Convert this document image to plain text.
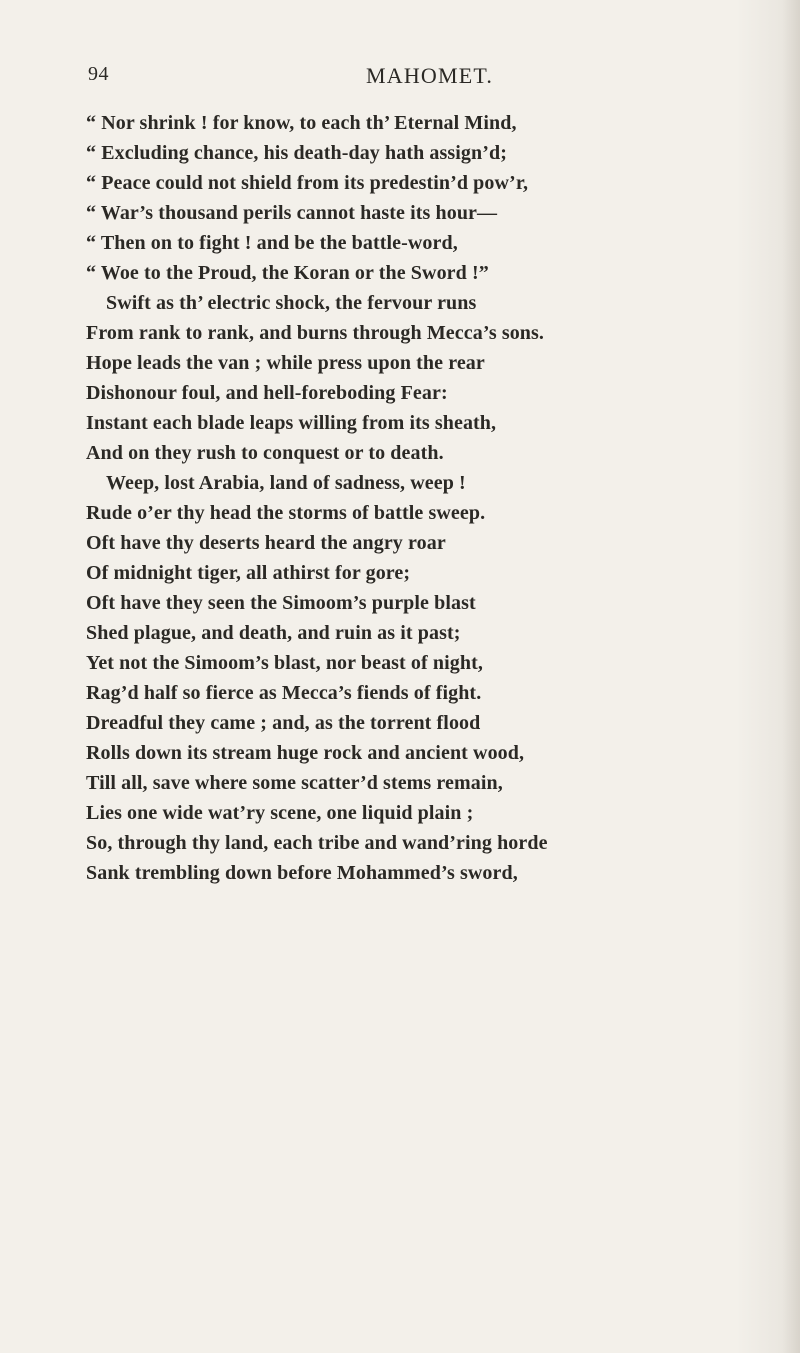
94	MAHOMET.
“ Nor shrink ! for know, to each th’ Eternal Mind,
“ Excluding chance, his death-day hath assign’d;
“ Peace could not shield from its predestin’d pow’r,
“ War’s thousand perils cannot haste its hour—
“ Then on to fight ! and be the battle-word,
“ Woe to the Proud, the Koran or the Sword !”
Swift as th’ electric shock, the fervour runs
From rank to rank, and burns through Mecca’s sons.
Hope leads the van ; while press upon the rear
Dishonour foul, and hell-foreboding Fear:
Instant each blade leaps willing from its sheath,
And on they rush to conquest or to death.
Weep, lost Arabia, land of sadness, weep !
Rude o’er thy head the storms of battle sweep.
Oft have thy deserts heard the angry roar
Of midnight tiger, all athirst for gore;
Oft have they seen the Simoom’s purple blast
Shed plague, and death, and ruin as it past;
Yet not the Simoom’s blast, nor beast of night,
Rag’d half so fierce as Mecca’s fiends of fight.
Dreadful they came ; and, as the torrent flood
Rolls down its stream huge rock and ancient wood,
Till all, save where some scatter’d stems remain,
Lies one wide wat’ry scene, one liquid plain ;
So, through thy land, each tribe and wand’ring horde
Sank trembling down before Mohammed’s sword,
